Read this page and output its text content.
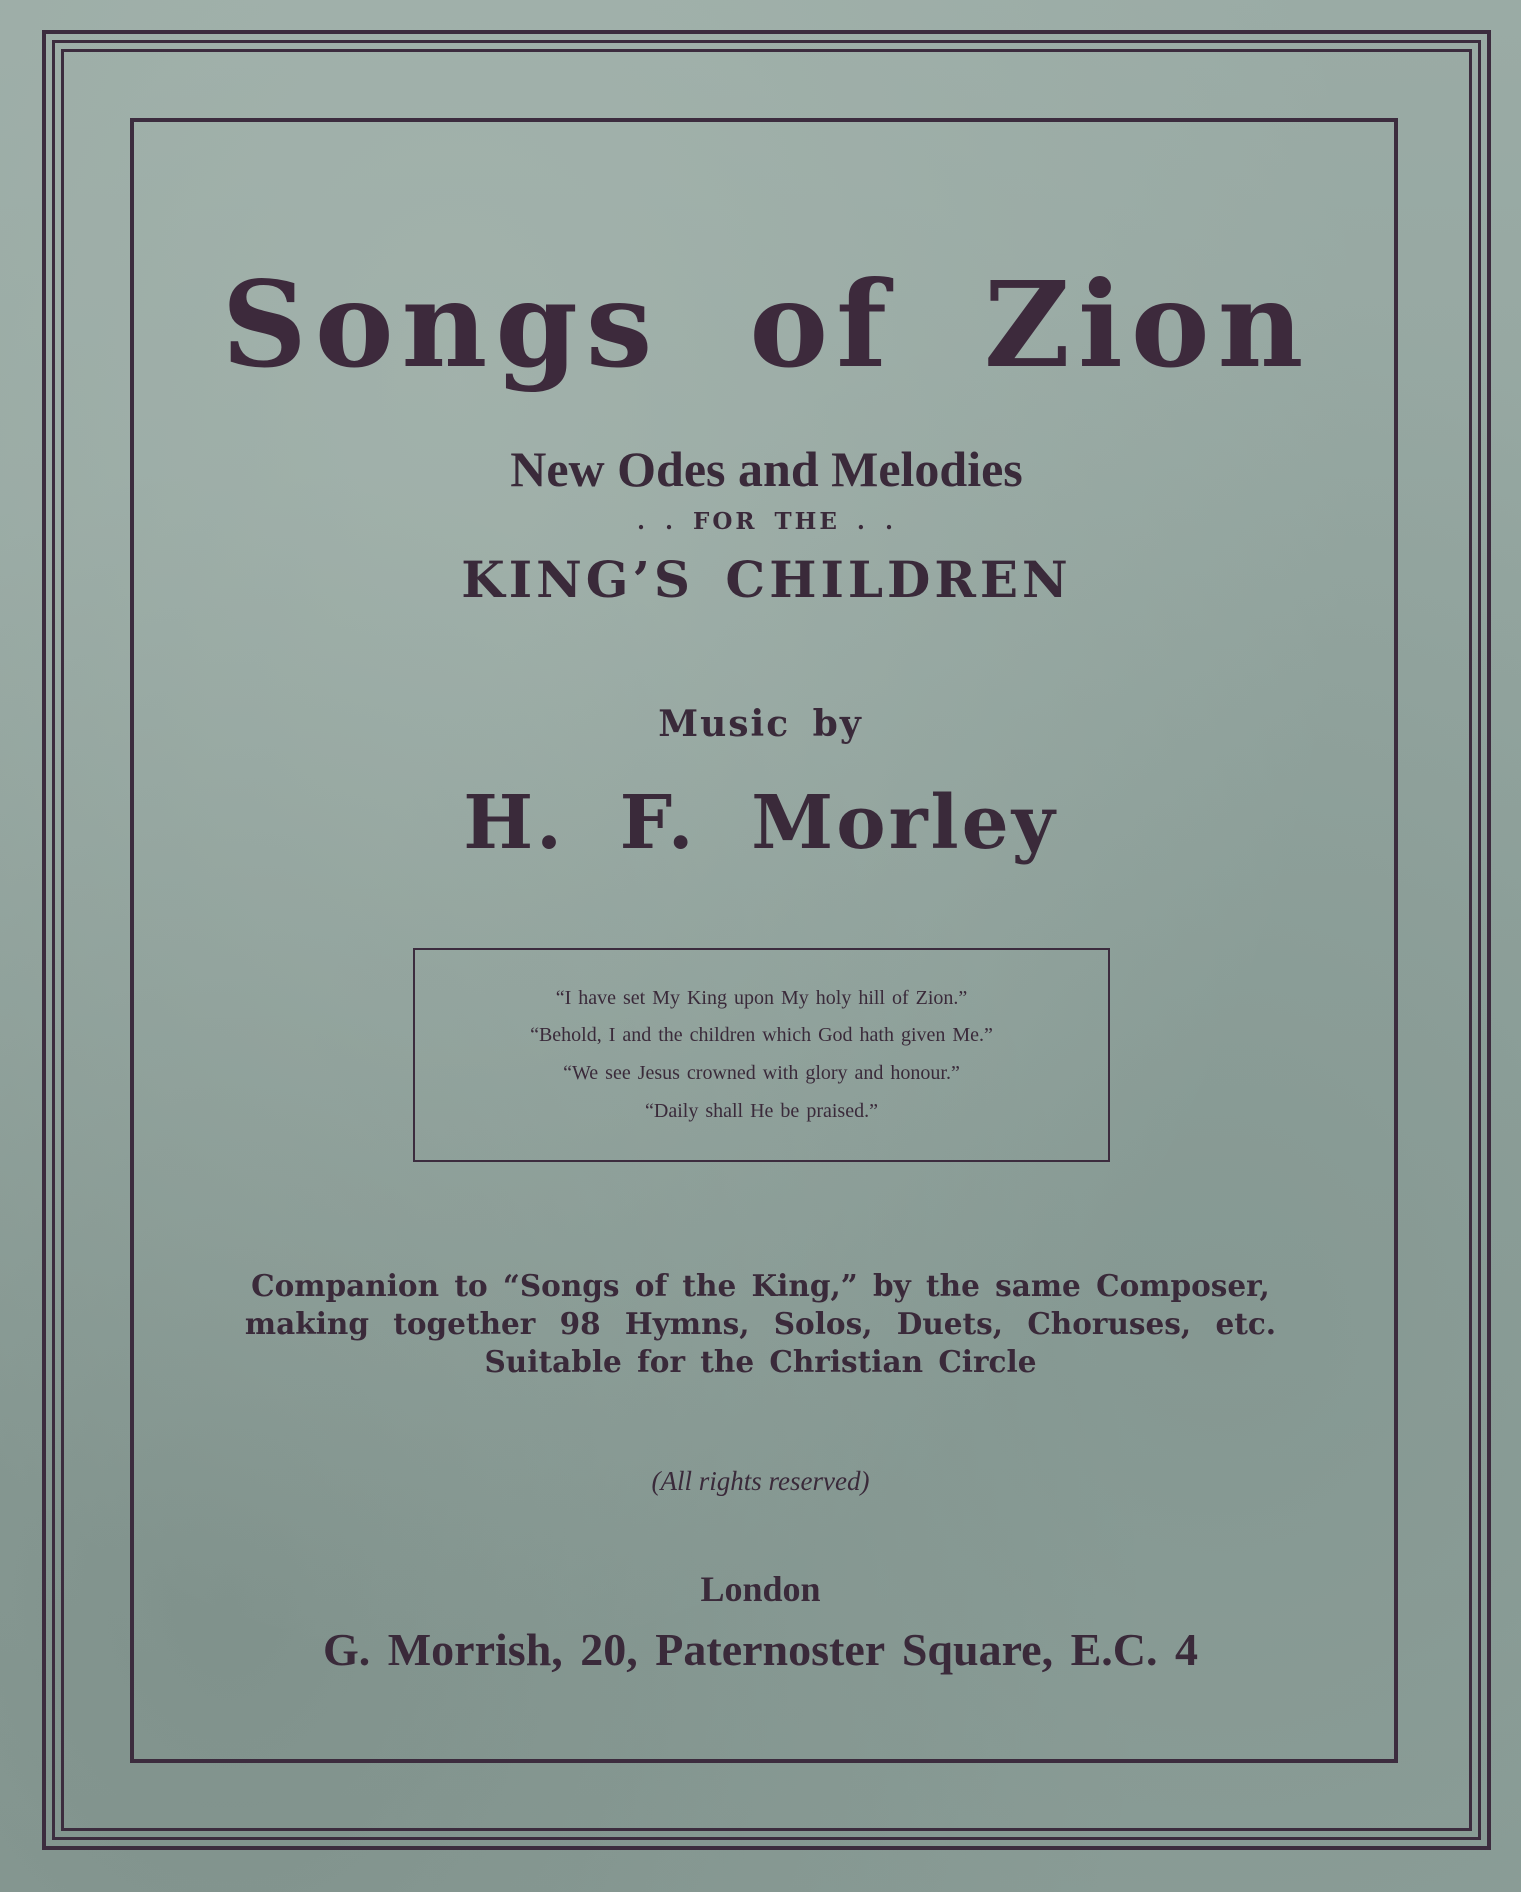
Songs of Zion
New Odes and Melodies
. . FOR THE . .
KING’S CHILDREN
Music by
H. F. Morley
“I have set My King upon My holy hill of Zion.”
“Behold, I and the children which God hath given Me.”
“We see Jesus crowned with glory and honour.”
“Daily shall He be praised.”
Companion to “Songs of the King,” by the same Composer,
making together 98 Hymns, Solos, Duets, Choruses, etc.
Suitable for the Christian Circle
(All rights reserved)
London
G. Morrish, 20, Paternoster Square, E.C. 4
